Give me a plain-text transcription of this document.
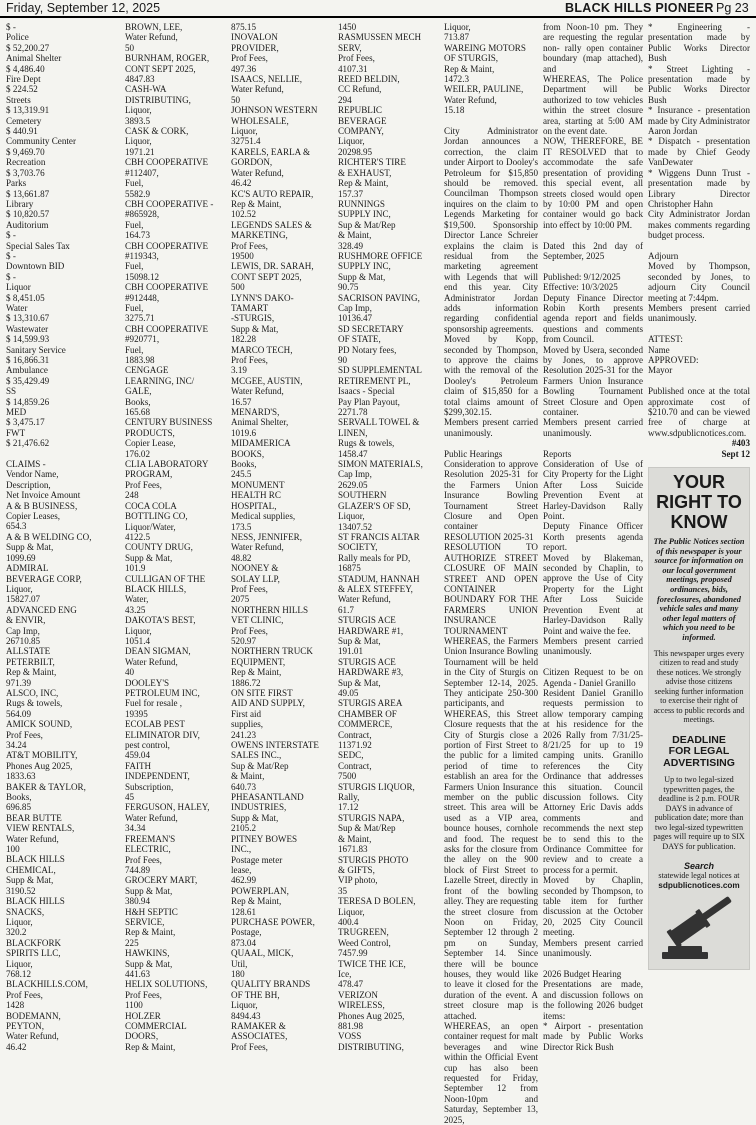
Friday, September 12, 2025	BLACK HILLS PIONEER Pg 23
$ -
Police
$ 52,200.27
Animal Shelter
$ 4,486.40
Fire Dept
$ 224.52
Streets
$ 13,319.91
Cemetery
$ 440.91
Community Center
$ 9,469.70
Recreation
$ 3,703.76
Parks
$ 13,661.87
Library
$ 10,820.57
Auditorium
$ -
Special Sales Tax
$ -
Downtown BID
$ -
Liquor
$ 8,451.05
Water
$ 13,310.67
Wastewater
$ 14,599.93
Sanitary Service
$ 16,866.31
Ambulance
$ 35,429.49
SS
$ 14,859.26
MED
$ 3,475.17
FWT
$ 21,476.62
CLAIMS -
Vendor Name,
Description,
Net Invoice Amount
A & B BUSINESS,
Copier Leases,
654.3
A & B WELDING CO,
Supp & Mat,
1099.69
ADMIRAL
BEVERAGE CORP,
Liquor,
15827.07
ADVANCED ENG
& ENVIR,
Cap Imp,
26710.85
ALLSTATE
PETERBILT,
Rep & Maint,
971.39
ALSCO, INC,
Rugs & towels,
564.09
AMICK SOUND,
Prof Fees,
34.24
AT&T MOBILITY,
Phones Aug 2025,
1833.63
BAKER & TAYLOR,
Books,
696.85
BEAR BUTTE
VIEW RENTALS,
Water Refund,
100
BLACK HILLS
CHEMICAL,
Supp & Mat,
3190.52
BLACK HILLS
SNACKS,
Liquor,
320.2
BLACKFORK
SPIRITS LLC,
Liquor,
768.12
BLACKHILLS.COM,
Prof Fees,
1428
BODEMANN,
PEYTON,
Water Refund,
46.42
BROWN, LEE,
Water Refund,
50
BURNHAM, ROGER,
CONT SEPT 2025,
4847.83
CASH-WA
DISTRIBUTING,
Liquor,
3893.5
CASK & CORK,
Liquor,
1971.21
CBH COOPERATIVE
#112407,
Fuel,
5582.9
CBH COOPERATIVE -
#865928,
Fuel,
164.73
CBH COOPERATIVE
#119343,
Fuel,
15098.12
CBH COOPERATIVE
#912448,
Fuel,
3275.71
CBH COOPERATIVE
#920771,
Fuel,
1883.98
CENGAGE
LEARNING, INC/
GALE,
Books,
165.68
CENTURY BUSINESS
PRODUCTS,
Copier Lease,
176.02
CLIA LABORATORY
PROGRAM,
Prof Fees,
248
COCA COLA
BOTTLING CO,
Liquor/Water,
4122.5
COUNTY DRUG,
Supp & Mat,
101.9
CULLIGAN OF THE
BLACK HILLS,
Water,
43.25
DAKOTA'S BEST,
Liquor,
1051.4
DEAN SIGMAN,
Water Refund,
40
DOOLEY'S
PETROLEUM INC,
Fuel for resale ,
19395
ECOLAB PEST
ELIMINATOR DIV,
pest control,
459.04
FAITH
INDEPENDENT,
Subscription,
45
FERGUSON, HALEY,
Water Refund,
34.34
FREEMAN'S
ELECTRIC,
Prof Fees,
744.89
GROCERY MART,
Supp & Mat,
380.94
H&H SEPTIC
SERVICE,
Rep & Maint,
225
HAWKINS,
Supp & Mat,
441.63
HELIX SOLUTIONS,
Prof Fees,
1100
HOLZER
COMMERCIAL
DOORS,
Rep & Maint,
875.15
INOVALON
PROVIDER,
Prof Fees,
497.36
ISAACS, NELLIE,
Water Refund,
50
JOHNSON WESTERN
WHOLESALE,
Liquor,
32751.4
KARELS, EARLA &
GORDON,
Water Refund,
46.42
KC'S AUTO REPAIR,
Rep & Maint,
102.52
LEGENDS SALES &
MARKETING,
Prof Fees,
19500
LEWIS, DR. SARAH,
CONT SEPT 2025,
500
LYNN'S DAKO-
TAMART
-STURGIS,
Supp & Mat,
182.28
MARCO TECH,
Prof Fees,
3.19
MCGEE, AUSTIN,
Water Refund,
16.57
MENARD'S,
Animal Shelter,
1019.6
MIDAMERICA
BOOKS,
Books,
245.5
MONUMENT
HEALTH RC
HOSPITAL,
Medical supplies,
173.5
NESS, JENNIFER,
Water Refund,
48.82
NOONEY &
SOLAY LLP,
Prof Fees,
2075
NORTHERN HILLS
VET CLINIC,
Prof Fees,
520.97
NORTHERN TRUCK
EQUIPMENT,
Rep & Maint,
1886.72
ON SITE FIRST
AID AND SUPPLY,
First aid
supplies,
241.23
OWENS INTERSTATE
SALES INC.,
Sup & Mat/Rep
& Maint,
640.73
PHEASANTLAND
INDUSTRIES,
Supp & Mat,
2105.2
PITNEY BOWES
INC.,
Postage meter
lease,
462.99
POWERPLAN,
Rep & Maint,
128.61
PURCHASE POWER,
Postage,
873.04
QUAAL, MICK,
Util,
180
QUALITY BRANDS
OF THE BH,
Liquor,
8494.43
RAMAKER &
ASSOCIATES,
Prof Fees,
1450
RASMUSSEN MECH
SERV,
Prof Fees,
4107.31
REED BELDIN,
CC Refund,
294
REPUBLIC
BEVERAGE
COMPANY,
Liquor,
20298.95
RICHTER'S TIRE
& EXHAUST,
Rep & Maint,
157.37
RUNNINGS
SUPPLY INC,
Sup & Mat/Rep
& Maint,
328.49
RUSHMORE OFFICE
SUPPLY INC,
Supp & Mat,
90.75
SACRISON PAVING,
Cap Imp,
10136.47
SD SECRETARY
OF STATE,
PD Notary fees,
90
SD SUPPLEMENTAL
RETIREMENT PL,
Isaacs - Special
Pay Plan Payout,
2271.78
SERVALL TOWEL &
LINEN,
Rugs & towels,
1458.47
SIMON MATERIALS,
Cap Imp,
2629.05
SOUTHERN
GLAZER'S OF SD,
Liquor,
13407.52
ST FRANCIS ALTAR
SOCIETY,
Rally meals for PD,
16875
STADUM, HANNAH
& ALEX STEFFEY,
Water Refund,
61.7
STURGIS ACE
HARDWARE #1,
Sup & Mat,
191.01
STURGIS ACE
HARDWARE #3,
Sup & Mat,
49.05
STURGIS AREA
CHAMBER OF
COMMERCE,
Contract,
11371.92
SEDC,
Contract,
7500
STURGIS LIQUOR,
Rally,
17.12
STURGIS NAPA,
Sup & Mat/Rep
& Maint,
1671.83
STURGIS PHOTO
& GIFTS,
VIP photo,
35
TERESA D BOLEN,
Liquor,
400.4
TRUGREEN,
Weed Control,
7457.99
TWICE THE ICE,
Ice,
478.47
VERIZON
WIRELESS,
Phones Aug 2025,
881.98
VOSS
DISTRIBUTING,
Liquor,
713.87
WAREING MOTORS
OF STURGIS,
Rep & Maint,
1472.3
WEILER, PAULINE,
Water Refund,
15.18
City Administrator Jordan announces a correction, the claim under Airport to Dooley's Petroleum for $15,850 should be removed. Councilman Thompson inquires on the claim to Legends Marketing for $19,500. Sponsorship Director Lance Schreier explains the claim is residual from the marketing agreement with Legends that will end this year. City Administrator Jordan adds information regarding confidential sponsorship agreements.
Moved by Kopp, seconded by Thompson, to approve the claims with the removal of the Dooley's Petroleum claim of $15,850 for a total claims amount of $299,302.15.
Members present carried unanimously.
Public Hearings
Consideration to approve Resolution 2025-31 for the Farmers Union Insurance Bowling Tournament Street Closure and Open container
RESOLUTION 2025-31
RESOLUTION TO AUTHORIZE STREET CLOSURE OF MAIN STREET AND OPEN CONTAINER BOUNDARY FOR THE FARMERS UNION INSURANCE TOURNAMENT
WHEREAS, the Farmers Union Insurance Bowling Tournament will be held in the City of Sturgis on September 12-14, 2025. They anticipate 250-300 participants, and
WHEREAS, this Street Closure requests that the City of Sturgis close a portion of First Street to the public for a limited period of time to establish an area for the Farmers Union Insurance member on the public street. This area will be used as a VIP area, bounce houses, cornhole and food. The request asks for the closure from the alley on the 900 block of First Street to Lazelle Street, directly in front of the bowling alley. They are requesting the street closure from Noon on Friday, September 12 through 2 pm on Sunday, September 14. Since there will be bounce houses, they would like to leave it closed for the duration of the event. A street closure map is attached.
WHEREAS, an open container request for malt beverages and wine within the Official Event cup has also been requested for Friday, September 12 from Noon-10pm and Saturday, September 13, 2025,
from Noon-10 pm. They are requesting the regular non- rally open container boundary (map attached), and
WHEREAS, The Police Department will be authorized to tow vehicles within the street closure area, starting at 5:00 AM on the event date.
NOW, THEREFORE, BE IT RESOLVED that to accommodate the safe presentation of providing this special event, all streets closed would open by 10:00 PM and open container would go back into effect by 10:00 PM.
Dated this 2nd day of September, 2025
Published: 9/12/2025
Effective: 10/3/2025
Deputy Finance Director Robin Korth presents agenda report and fields questions and comments from Council.
Moved by Usera, seconded by Jones, to approve Resolution 2025-31 for the Farmers Union Insurance Bowling Tournament Street Closure and Open container.
Members present carried unanimously.
Reports
Consideration of Use of City Property for the Light After Loss Suicide Prevention Event at Harley-Davidson Rally Point.
Deputy Finance Officer Korth presents agenda report.
Moved by Blakeman, seconded by Chaplin, to approve the Use of City Property for the Light After Loss Suicide Prevention Event at Harley-Davidson Rally Point and waive the fee.
Members present carried unanimously.
Citizen Request to be on Agenda - Daniel Granillo
Resident Daniel Granillo requests permission to allow temporary camping at his residence for the 2026 Rally from 7/31/25-8/21/25 for up to 19 camping units. Granillo references the City Ordinance that addresses this situation. Council discussion follows. City Attorney Eric Davis adds comments and recommends the next step be to send this to the Ordinance Committee for review and to create a process for a permit.
Moved by Chaplin, seconded by Thompson, to table item for further discussion at the October 20, 2025 City Council meeting.
Members present carried unanimously.
2026 Budget Hearing
Presentations are made, and discussion follows on the following 2026 budget items:
* Airport - presentation made by Public Works Director Rick Bush
* Engineering - presentation made by Public Works Director Bush
* Street Lighting - presentation made by Public Works Director Bush
* Insurance - presentation made by City Administrator Aaron Jordan
* Dispatch - presentation made by Chief Geody VanDewater
* Wiggens Dunn Trust - presentation made by Library Director Christopher Hahn
City Administrator Jordan makes comments regarding budget process.
Adjourn
Moved by Thompson, seconded by Jones, to adjourn City Council meeting at 7:44pm.
Members present carried unanimously.
ATTEST:
Name
APPROVED:
Mayor
Published once at the total approximate cost of $210.70 and can be viewed free of charge at www.sdpublicnotices.com.
#403
Sept 12
YOUR
RIGHT TO
KNOW
The Public Notices section of this newspaper is your source for information on our local government meetings, proposed ordinances, bids, foreclosures, abandoned vehicle sales and many other legal matters of which you need to be informed.
This newspaper urges every citizen to read and study these notices. We strongly advise those citizens seeking further information to exercise their right of access to public records and meetings.
DEADLINE
FOR LEGAL
ADVERTISING
Up to two legal-sized typewritten pages, the deadline is 2 p.m. FOUR DAYS in advance of publication date; more than two legal-sized typewritten pages will require up to SIX DAYS for publication.
Search
statewide legal notices at
sdpublicnotices.com
